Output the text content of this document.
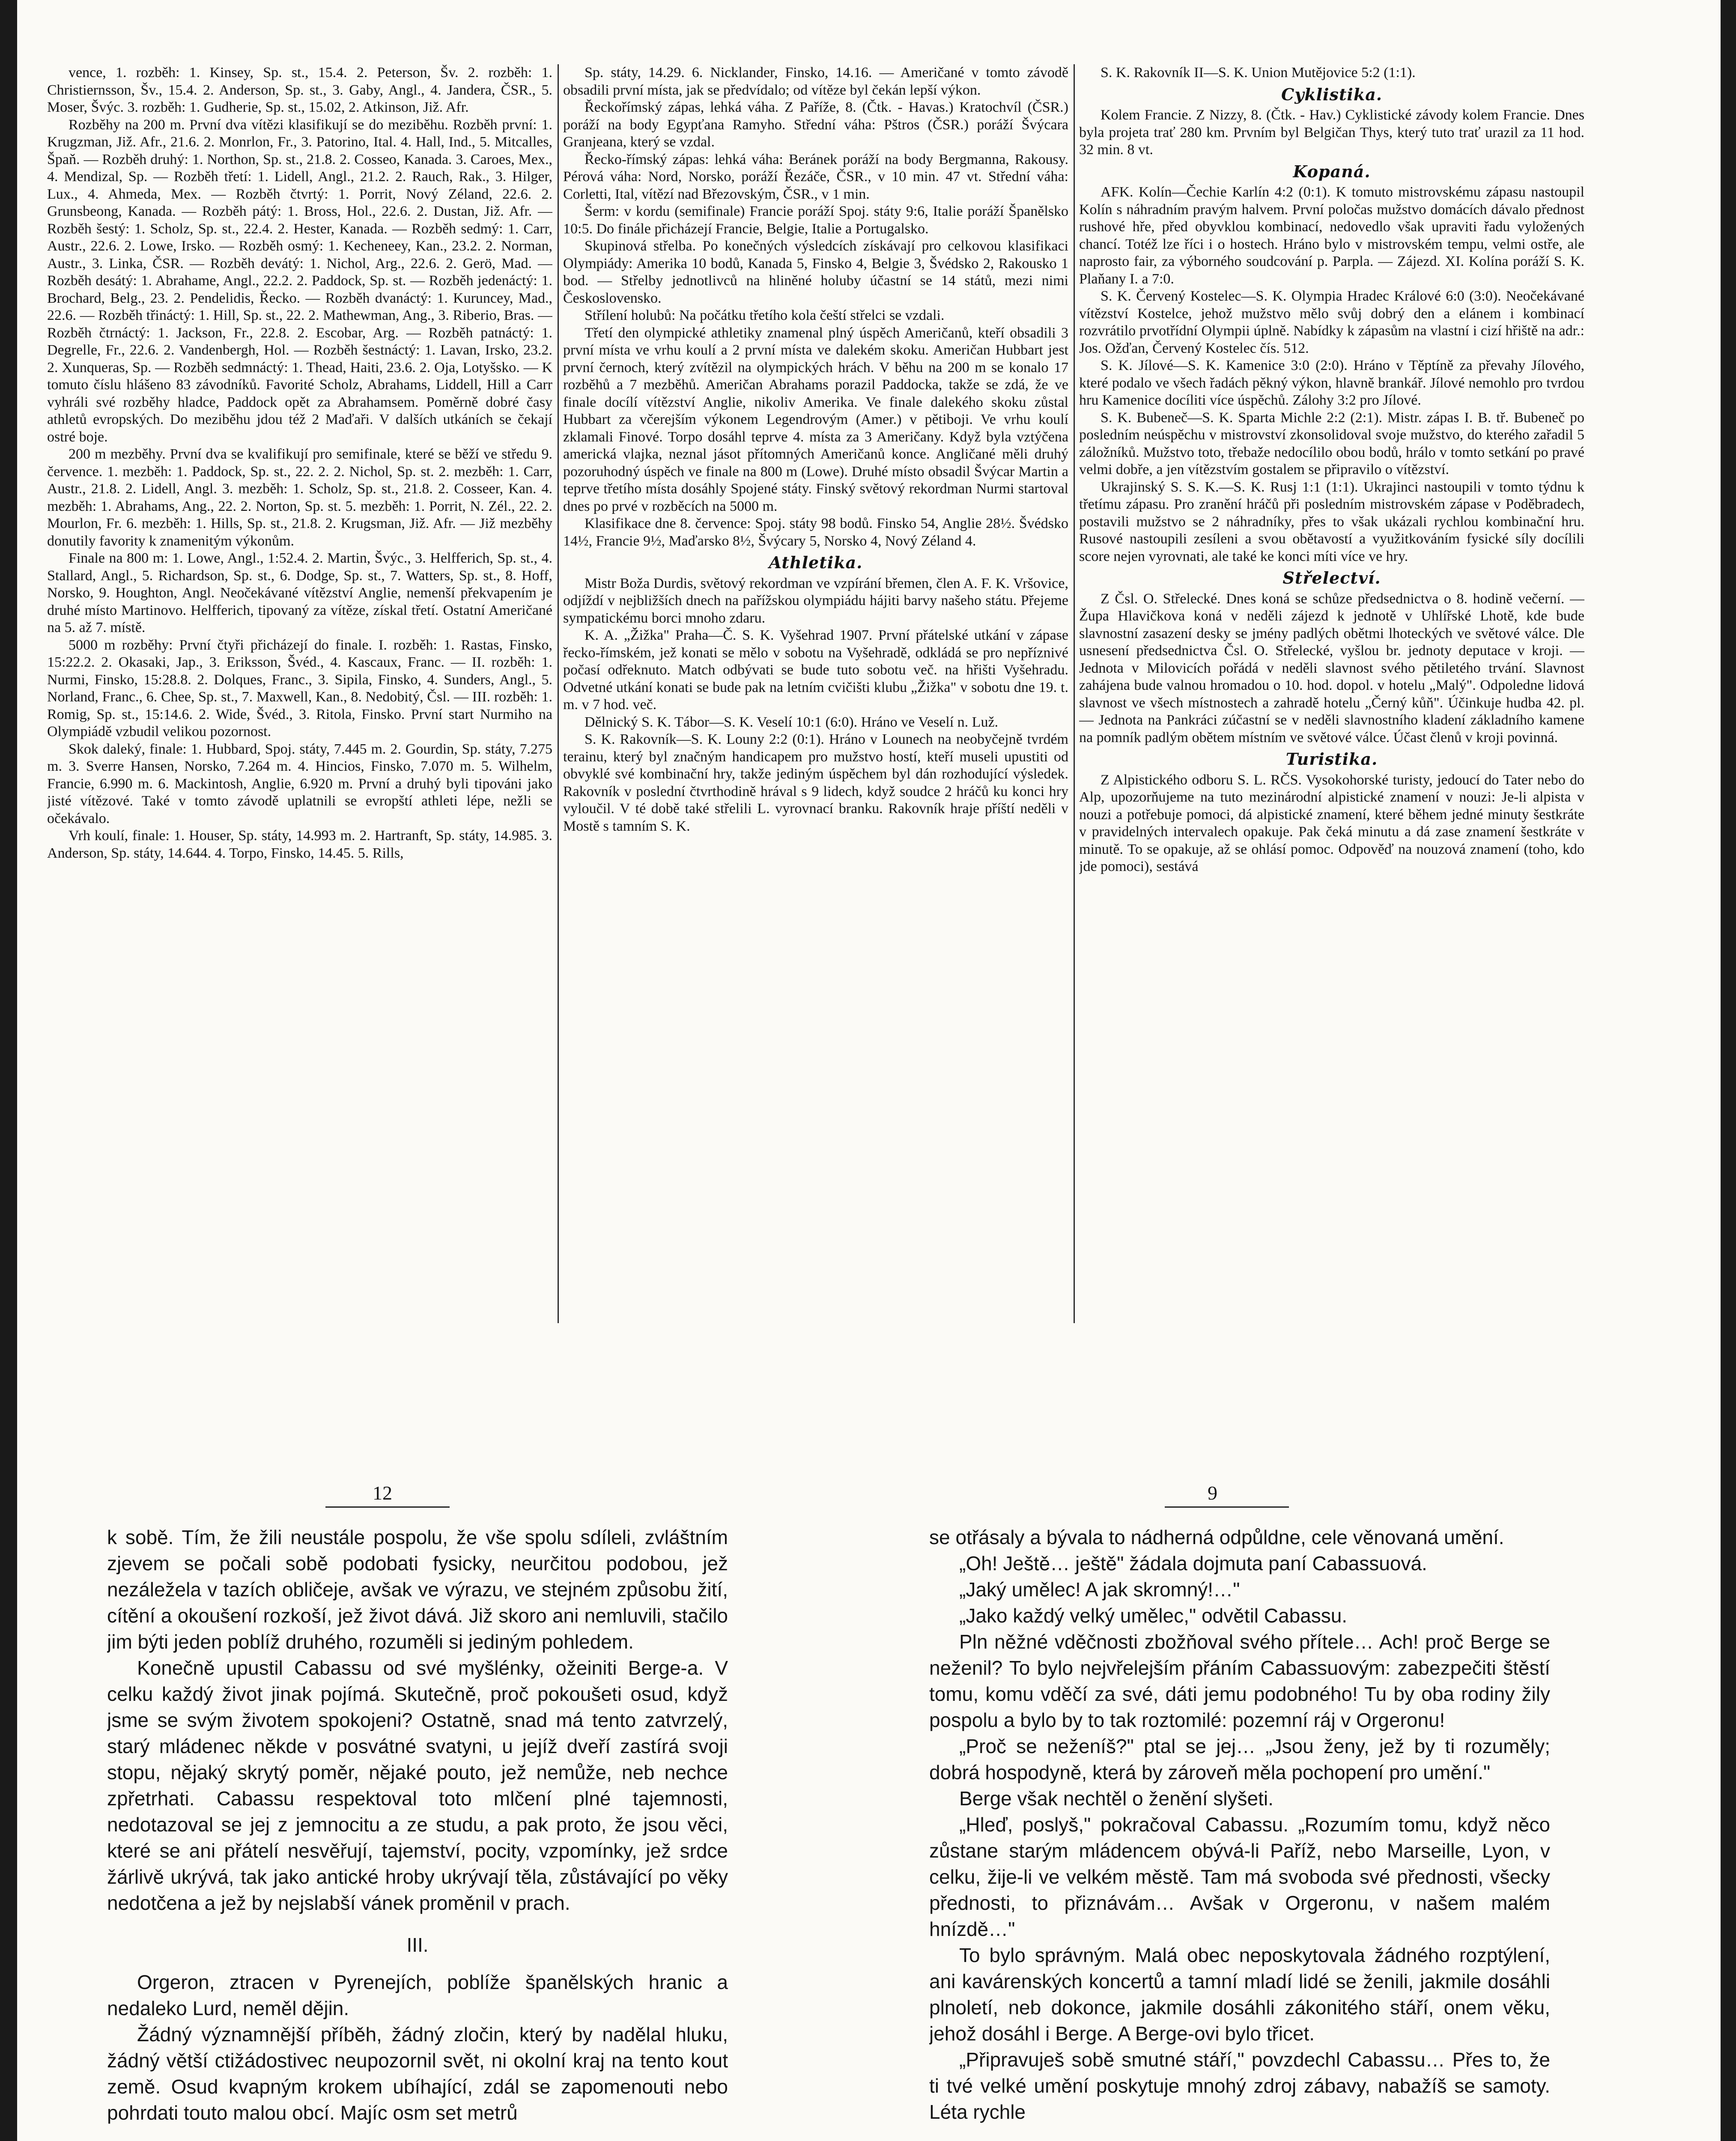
vence, 1. rozběh: 1. Kinsey, Sp. st., 15.4. 2. Peterson, Šv. 2. rozběh: 1. Christiernsson, Šv., 15.4. 2. Anderson, Sp. st., 3. Gaby, Angl., 4. Jandera, ČSR., 5. Moser, Švýc. 3. rozběh: 1. Gudherie, Sp. st., 15.02, 2. Atkinson, Již. Afr.

Rozběhy na 200 m. První dva vítězi klasifikují se do meziběhu. Rozběh první: 1. Krugzman, Již. Afr., 21.6. 2. Monrlon, Fr., 3. Patorino, Ital. 4. Hall, Ind., 5. Mitcalles, Špaň. — Rozběh druhý: 1. Northon, Sp. st., 21.8. 2. Cosseo, Kanada. 3. Caroes, Mex., 4. Mendizal, Sp. — Rozběh třetí: 1. Lidell, Angl., 21.2. 2. Rauch, Rak., 3. Hilger, Lux., 4. Ahmeda, Mex. — Rozběh čtvrtý: 1. Porrit, Nový Zéland, 22.6. 2. Grunsbeong, Kanada. — Rozběh pátý: 1. Bross, Hol., 22.6. 2. Dustan, Již. Afr. — Rozběh šestý: 1. Scholz, Sp. st., 22.4. 2. Hester, Kanada. — Rozběh sedmý: 1. Carr, Austr., 22.6. 2. Lowe, Irsko. — Rozběh osmý: 1. Kecheneey, Kan., 23.2. 2. Norman, Austr., 3. Linka, ČSR. — Rozběh devátý: 1. Nichol, Arg., 22.6. 2. Gerö, Mad. — Rozběh desátý: 1. Abrahame, Angl., 22.2. 2. Paddock, Sp. st. — Rozběh jedenáctý: 1. Brochard, Belg., 23. 2. Pendelidis, Řecko. — Rozběh dvanáctý: 1. Kuruncey, Mad., 22.6. — Rozběh třináctý: 1. Hill, Sp. st., 22. 2. Mathewman, Ang., 3. Riberio, Bras. — Rozběh čtrnáctý: 1. Jackson, Fr., 22.8. 2. Escobar, Arg. — Rozběh patnáctý: 1. Degrelle, Fr., 22.6. 2. Vandenbergh, Hol. — Rozběh šestnáctý: 1. Lavan, Irsko, 23.2. 2. Xunqueras, Sp. — Rozběh sedmnáctý: 1. Thead, Haiti, 23.6. 2. Oja, Lotyšsko. — K tomuto číslu hlášeno 83 závodníků. Favorité Scholz, Abrahams, Liddell, Hill a Carr vyhráli své rozběhy hladce, Paddock opět za Abrahamsem. Poměrně dobré časy athletů evropských. Do meziběhu jdou též 2 Maďaři. V dalších utkáních se čekají ostré boje.

200 m mezběhy. První dva se kvalifikují pro semifinale, které se běží ve středu 9. července. 1. mezběh: 1. Paddock, Sp. st., 22. 2. 2. Nichol, Sp. st. 2. mezběh: 1. Carr, Austr., 21.8. 2. Lidell, Angl. 3. mezběh: 1. Scholz, Sp. st., 21.8. 2. Cosseer, Kan. 4. mezběh: 1. Abrahams, Ang., 22. 2. Norton, Sp. st. 5. mezběh: 1. Porrit, N. Zél., 22. 2. Mourlon, Fr. 6. mezběh: 1. Hills, Sp. st., 21.8. 2. Krugsman, Již. Afr. — Již mezběhy donutily favority k znamenitým výkonům.

Finale na 800 m: 1. Lowe, Angl., 1:52.4. 2. Martin, Švýc., 3. Helfferich, Sp. st., 4. Stallard, Angl., 5. Richardson, Sp. st., 6. Dodge, Sp. st., 7. Watters, Sp. st., 8. Hoff, Norsko, 9. Houghton, Angl. Neočekávané vítězství Anglie, nemenší překvapením je druhé místo Martinovo. Helfferich, tipovaný za vítěze, získal třetí. Ostatní Američané na 5. až 7. místě.

5000 m rozběhy: První čtyři přicházejí do finale. I. rozběh: 1. Rastas, Finsko, 15:22.2. 2. Okasaki, Jap., 3. Eriksson, Švéd., 4. Kascaux, Franc. — II. rozběh: 1. Nurmi, Finsko, 15:28.8. 2. Dolques, Franc., 3. Sipila, Finsko, 4. Sunders, Angl., 5. Norland, Franc., 6. Chee, Sp. st., 7. Maxwell, Kan., 8. Nedobitý, Čsl. — III. rozběh: 1. Romig, Sp. st., 15:14.6. 2. Wide, Švéd., 3. Ritola, Finsko. První start Nurmiho na Olympiádě vzbudil velikou pozornost.

Skok daleký, finale: 1. Hubbard, Spoj. státy, 7.445 m. 2. Gourdin, Sp. státy, 7.275 m. 3. Sverre Hansen, Norsko, 7.264 m. 4. Hincios, Finsko, 7.070 m. 5. Wilhelm, Francie, 6.990 m. 6. Mackintosh, Anglie, 6.920 m. První a druhý byli tipováni jako jisté vítězové. Také v tomto závodě uplatnili se evropští athleti lépe, nežli se očekávalo.

Vrh koulí, finale: 1. Houser, Sp. státy, 14.993 m. 2. Hartranft, Sp. státy, 14.985. 3. Anderson, Sp. státy, 14.644. 4. Torpo, Finsko, 14.45. 5. Rills,

Sp. státy, 14.29. 6. Nicklander, Finsko, 14.16. — Američané v tomto závodě obsadili první místa, jak se předvídalo; od vítěze byl čekán lepší výkon.

Řeckořímský zápas, lehká váha. Z Paříže, 8. (Čtk. - Havas.) Kratochvíl (ČSR.) poráží na body Egypťana Ramyho. Střední váha: Pštros (ČSR.) poráží Švýcara Granjeana, který se vzdal.

Řecko-římský zápas: lehká váha: Beránek poráží na body Bergmanna, Rakousy. Pérová váha: Nord, Norsko, poráží Řezáče, ČSR., v 10 min. 47 vt. Střední váha: Corletti, Ital, vítězí nad Březovským, ČSR., v 1 min.

Šerm: v kordu (semifinale) Francie poráží Spoj. státy 9:6, Italie poráží Španělsko 10:5. Do finále přicházejí Francie, Belgie, Italie a Portugalsko.

Skupinová střelba. Po konečných výsledcích získávají pro celkovou klasifikaci Olympiády: Amerika 10 bodů, Kanada 5, Finsko 4, Belgie 3, Švédsko 2, Rakousko 1 bod. — Střelby jednotlivců na hliněné holuby účastní se 14 států, mezi nimi Československo.

Střílení holubů: Na počátku třetího kola čeští střelci se vzdali.

Třetí den olympické athletiky znamenal plný úspěch Američanů, kteří obsadili 3 první místa ve vrhu koulí a 2 první místa ve dalekém skoku. Američan Hubbart jest první černoch, který zvítězil na olympických hrách. V běhu na 200 m se konalo 17 rozběhů a 7 mezběhů. Američan Abrahams porazil Paddocka, takže se zdá, že ve finale docílí vítězství Anglie, nikoliv Amerika. Ve finale dalekého skoku zůstal Hubbart za včerejším výkonem Legendrovým (Amer.) v pětiboji. Ve vrhu koulí zklamali Finové. Torpo dosáhl teprve 4. místa za 3 Američany. Když byla vztýčena americká vlajka, neznal jásot přítomných Američanů konce. Angličané měli druhý pozoruhodný úspěch ve finale na 800 m (Lowe). Druhé místo obsadil Švýcar Martin a teprve třetího místa dosáhly Spojené státy. Finský světový rekordman Nurmi startoval dnes po prvé v rozběcích na 5000 m.

Klasifikace dne 8. července: Spoj. státy 98 bodů. Finsko 54, Anglie 28½. Švédsko 14½, Francie 9½, Maďarsko 8½, Švýcary 5, Norsko 4, Nový Zéland 4.

Athletika.

Mistr Boža Durdis, světový rekordman ve vzpírání břemen, člen A. F. K. Vršovice, odjíždí v nejbližších dnech na pařížskou olympiádu hájiti barvy našeho státu. Přejeme sympatickému borci mnoho zdaru.

K. A. „Žižka" Praha—Č. S. K. Vyšehrad 1907. První přátelské utkání v zápase řecko-římském, jež konati se mělo v sobotu na Vyšehradě, odkládá se pro nepříznivé počasí odřeknuto. Match odbývati se bude tuto sobotu več. na hřišti Vyšehradu. Odvetné utkání konati se bude pak na letním cvičišti klubu „Žižka" v sobotu dne 19. t. m. v 7 hod. več.

Dělnický S. K. Tábor—S. K. Veselí 10:1 (6:0). Hráno ve Veselí n. Luž.

S. K. Rakovník—S. K. Louny 2:2 (0:1). Hráno v Lounech na neobyčejně tvrdém terainu, který byl značným handicapem pro mužstvo hostí, kteří museli upustiti od obvyklé své kombinační hry, takže jediným úspěchem byl dán rozhodující výsledek. Rakovník v poslední čtvrthodině hrával s 9 lidech, když soudce 2 hráčů ku konci hry vyloučil. V té době také střelili L. vyrovnací branku. Rakovník hraje příští neděli v Mostě s tamním S. K.

S. K. Rakovník II—S. K. Union Mutějovice 5:2 (1:1).

Cyklistika.

Kolem Francie. Z Nizzy, 8. (Čtk. - Hav.) Cyklistické závody kolem Francie. Dnes byla projeta trať 280 km. Prvním byl Belgičan Thys, který tuto trať urazil za 11 hod. 32 min. 8 vt.

Kopaná.

AFK. Kolín—Čechie Karlín 4:2 (0:1). K tomuto mistrovskému zápasu nastoupil Kolín s náhradním pravým halvem. První poločas mužstvo domácích dávalo přednost rushové hře, před obyvklou kombinací, nedovedlo však upraviti řadu vyložených chancí. Totéž lze říci i o hostech. Hráno bylo v mistrovském tempu, velmi ostře, ale naprosto fair, za výborného soudcování p. Parpla. — Zájezd. XI. Kolína poráží S. K. Plaňany I. a 7:0.

S. K. Červený Kostelec—S. K. Olympia Hradec Králové 6:0 (3:0). Neočekávané vítězství Kostelce, jehož mužstvo mělo svůj dobrý den a elánem i kombinací rozvrátilo prvotřídní Olympii úplně. Nabídky k zápasům na vlastní i cizí hřiště na adr.: Jos. Ožďan, Červený Kostelec čís. 512.

S. K. Jílové—S. K. Kamenice 3:0 (2:0). Hráno v Těptíně za převahy Jílového, které podalo ve všech řadách pěkný výkon, hlavně brankář. Jílové nemohlo pro tvrdou hru Kamenice docíliti více úspěchů. Zálohy 3:2 pro Jílové.

S. K. Bubeneč—S. K. Sparta Michle 2:2 (2:1). Mistr. zápas I. B. tř. Bubeneč po posledním neúspěchu v mistrovství zkonsolidoval svoje mužstvo, do kterého zařadil 5 záložníků. Mužstvo toto, třebaže nedocílilo obou bodů, hrálo v tomto setkání po pravé velmi dobře, a jen vítězstvím gostalem se připravilo o vítězství.

Ukrajinský S. S. K.—S. K. Rusj 1:1 (1:1). Ukrajinci nastoupili v tomto týdnu k třetímu zápasu. Pro zranění hráčů při posledním mistrovském zápase v Poděbradech, postavili mužstvo se 2 náhradníky, přes to však ukázali rychlou kombinační hru. Rusové nastoupili zesíleni a svou obětavostí a využitkováním fysické síly docílili score nejen vyrovnati, ale také ke konci míti více ve hry.

Střelectví.

Z Čsl. O. Střelecké. Dnes koná se schůze předsednictva o 8. hodině večerní. — Župa Hlavičkova koná v neděli zájezd k jednotě v Uhlířské Lhotě, kde bude slavnostní zasazení desky se jmény padlých obětmi lhoteckých ve světové válce. Dle usnesení předsednictva Čsl. O. Střelecké, vyšlou br. jednoty deputace v kroji. — Jednota v Milovicích pořádá v neděli slavnost svého pětiletého trvání. Slavnost zahájena bude valnou hromadou o 10. hod. dopol. v hotelu „Malý". Odpoledne lidová slavnost ve všech místnostech a zahradě hotelu „Černý kůň". Účinkuje hudba 42. pl. — Jednota na Pankráci zúčastní se v neděli slavnostního kladení základního kamene na pomník padlým obětem místním ve světové válce. Účast členů v kroji povinná.

Turistika.

Z Alpistického odboru S. L. RČS. Vysokohorské turisty, jedoucí do Tater nebo do Alp, upozorňujeme na tuto mezinárodní alpistické znamení v nouzi: Je-li alpista v nouzi a potřebuje pomoci, dá alpistické znamení, které během jedné minuty šestkráte v pravidelných intervalech opakuje. Pak čeká minutu a dá zase znamení šestkráte v minutě. To se opakuje, až se ohlásí pomoc. Odpověď na nouzová znamení (toho, kdo jde pomoci), sestává

12	9

k sobě. Tím, že žili neustále pospolu, že vše spolu sdíleli, zvláštním zjevem se počali sobě podobati fysicky, neurčitou podobou, jež nezáležela v tazích obličeje, avšak ve výrazu, ve stejném způsobu žití, cítění a okoušení rozkoší, jež život dává. Již skoro ani nemluvili, stačilo jim býti jeden poblíž druhého, rozuměli si jediným pohledem.

Konečně upustil Cabassu od své myšlénky, ožeiniti Berge-a. V celku každý život jinak pojímá. Skutečně, proč pokoušeti osud, když jsme se svým životem spokojeni? Ostatně, snad má tento zatvrzelý, starý mládenec někde v posvátné svatyni, u jejíž dveří zastírá svoji stopu, nějaký skrytý poměr, nějaké pouto, jež nemůže, neb nechce zpřetrhati. Cabassu respektoval toto mlčení plné tajemnosti, nedotazoval se jej z jemnocitu a ze studu, a pak proto, že jsou věci, které se ani přátelí nesvěřují, tajemství, pocity, vzpomínky, jež srdce žárlivě ukrývá, tak jako antické hroby ukrývají těla, zůstávající po věky nedotčena a jež by nejslabší vánek proměnil v prach.

III.

Orgeron, ztracen v Pyrenejích, poblíže španělských hranic a nedaleko Lurd, neměl dějin.

Žádný významnější příběh, žádný zločin, který by nadělal hluku, žádný větší ctižádostivec neupozornil svět, ni okolní kraj na tento kout země. Osud kvapným krokem ubíhající, zdál se zapomenouti nebo pohrdati touto malou obcí. Majíc osm set metrů

se otřásaly a bývala to nádherná odpůldne, cele věnovaná umění.

„Oh! Ještě… ještě" žádala dojmuta paní Cabassuová.

„Jaký umělec! A jak skromný!…"

„Jako každý velký umělec," odvětil Cabassu.

Pln něžné vděčnosti zbožňoval svého přítele… Ach! proč Berge se neženil? To bylo nejvřelejším přáním Cabassuovým: zabezpečiti štěstí tomu, komu vděčí za své, dáti jemu podobného! Tu by oba rodiny žily pospolu a bylo by to tak roztomilé: pozemní ráj v Orgeronu!

„Proč se neženíš?" ptal se jej… „Jsou ženy, jež by ti rozuměly; dobrá hospodyně, která by zároveň měla pochopení pro umění."

Berge však nechtěl o ženění slyšeti.

„Hleď, poslyš," pokračoval Cabassu. „Rozumím tomu, když něco zůstane starým mládencem obývá-li Paříž, nebo Marseille, Lyon, v celku, žije-li ve velkém městě. Tam má svoboda své přednosti, všecky přednosti, to přiznávám… Avšak v Orgeronu, v našem malém hnízdě…"

To bylo správným. Malá obec neposkytovala žádného rozptýlení, ani kavárenských koncertů a tamní mladí lidé se ženili, jakmile dosáhli plnoletí, neb dokonce, jakmile dosáhli zákonitého stáří, onem věku, jehož dosáhl i Berge. A Berge-ovi bylo třicet.

„Připravuješ sobě smutné stáří," povzdechl Cabassu… Přes to, že ti tvé velké umění poskytuje mnohý zdroj zábavy, nabažíš se samoty. Léta rychle
